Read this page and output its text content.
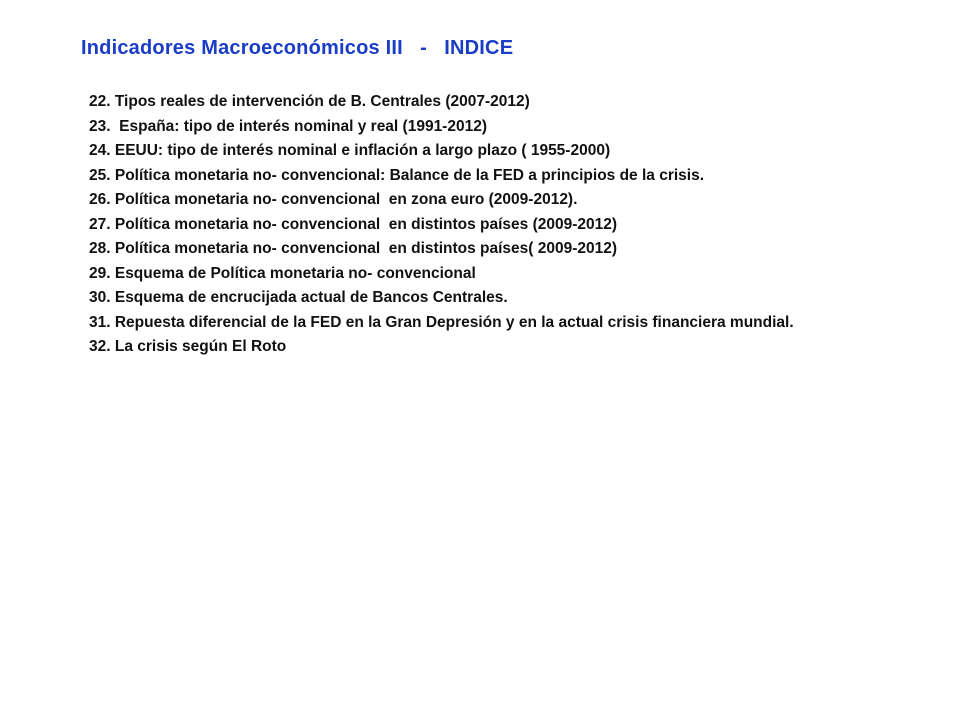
Indicadores Macroeconómicos III   -   INDICE
22. Tipos reales de intervención de B. Centrales (2007-2012)
23.  España: tipo de interés nominal y real (1991-2012)
24. EEUU: tipo de interés nominal e inflación a largo plazo ( 1955-2000)
25. Política monetaria no- convencional: Balance de la FED a principios de la crisis.
26. Política monetaria no- convencional  en zona euro (2009-2012).
27. Política monetaria no- convencional  en distintos países (2009-2012)
28. Política monetaria no- convencional  en distintos países( 2009-2012)
29. Esquema de Política monetaria no- convencional
30. Esquema de encrucijada actual de Bancos Centrales.
31. Repuesta diferencial de la FED en la Gran Depresión y en la actual crisis financiera mundial.
32. La crisis según El Roto
